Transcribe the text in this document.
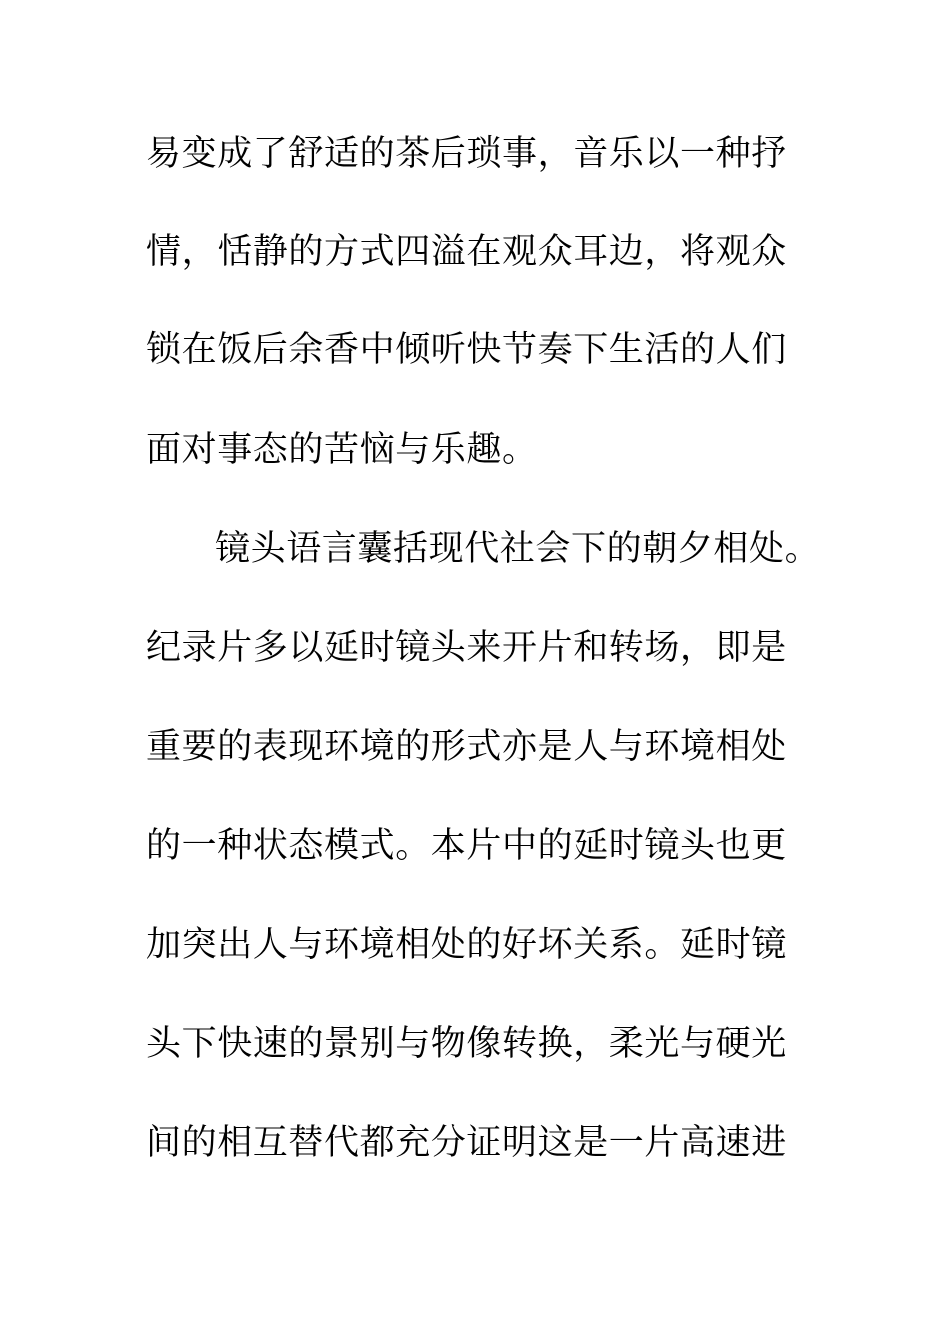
易变成了舒适的茶后琐事，音乐以一种抒
情，恬静的方式四溢在观众耳边，将观众
锁在饭后余香中倾听快节奏下生活的人们
面对事态的苦恼与乐趣。
镜头语言囊括现代社会下的朝夕相处。
纪录片多以延时镜头来开片和转场，即是
重要的表现环境的形式亦是人与环境相处
的一种状态模式。本片中的延时镜头也更
加突出人与环境相处的好坏关系。延时镜
头下快速的景别与物像转换，柔光与硬光
间的相互替代都充分证明这是一片高速进
